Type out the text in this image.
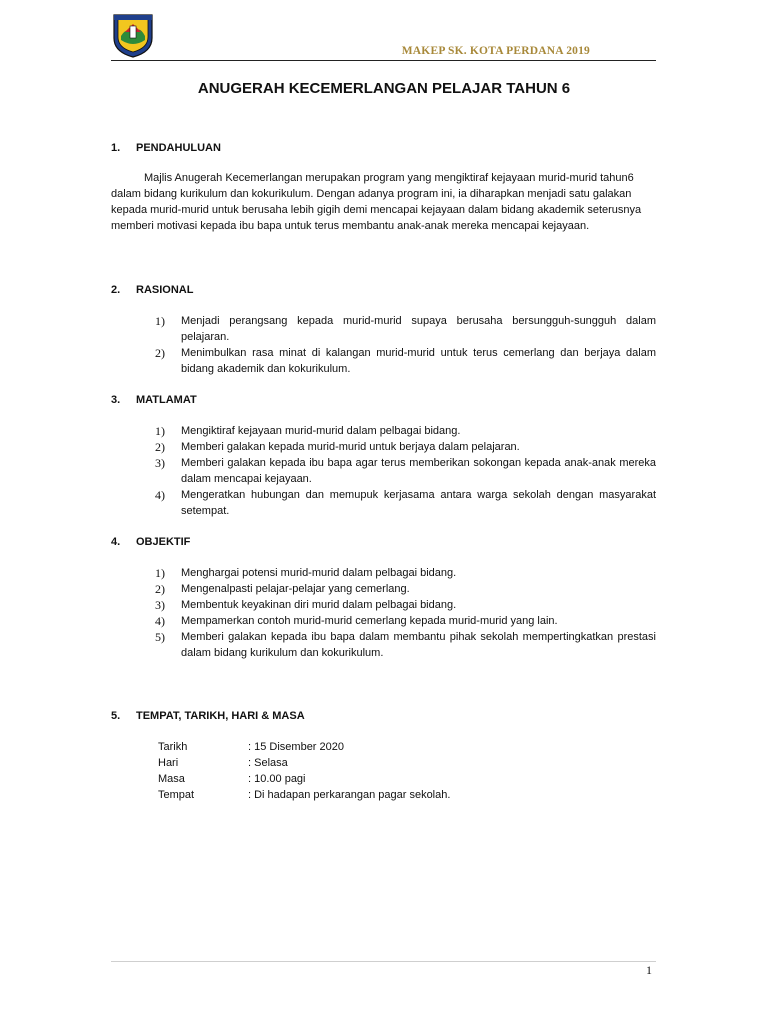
MAKEP SK. KOTA PERDANA 2019
ANUGERAH KECEMERLANGAN PELAJAR TAHUN 6
1. PENDAHULUAN
Majlis Anugerah Kecemerlangan merupakan program yang mengiktiraf kejayaan murid-murid tahun6 dalam bidang kurikulum dan kokurikulum. Dengan adanya program ini, ia diharapkan menjadi satu galakan kepada murid-murid untuk berusaha lebih gigih demi mencapai kejayaan dalam bidang akademik seterusnya memberi motivasi kepada ibu bapa untuk terus membantu anak-anak mereka mencapai kejayaan.
2. RASIONAL
1) Menjadi perangsang kepada murid-murid supaya berusaha bersungguh-sungguh dalam pelajaran.
2) Menimbulkan rasa minat di kalangan murid-murid untuk terus cemerlang dan berjaya dalam bidang akademik dan kokurikulum.
3. MATLAMAT
1) Mengiktiraf kejayaan murid-murid dalam pelbagai bidang.
2) Memberi galakan kepada murid-murid untuk berjaya dalam pelajaran.
3) Memberi galakan kepada ibu bapa agar terus memberikan sokongan kepada anak-anak mereka dalam mencapai kejayaan.
4) Mengeratkan hubungan dan memupuk kerjasama antara warga sekolah dengan masyarakat setempat.
4. OBJEKTIF
1) Menghargai potensi murid-murid dalam pelbagai bidang.
2) Mengenalpasti pelajar-pelajar yang cemerlang.
3) Membentuk keyakinan diri murid dalam pelbagai bidang.
4) Mempamerkan contoh murid-murid cemerlang kepada murid-murid yang lain.
5) Memberi galakan kepada ibu bapa dalam membantu pihak sekolah mempertingkatkan prestasi dalam bidang kurikulum dan kokurikulum.
5. TEMPAT, TARIKH, HARI & MASA
Tarikh	: 15 Disember 2020
Hari	: Selasa
Masa	: 10.00 pagi
Tempat	: Di hadapan perkarangan pagar sekolah.
1
